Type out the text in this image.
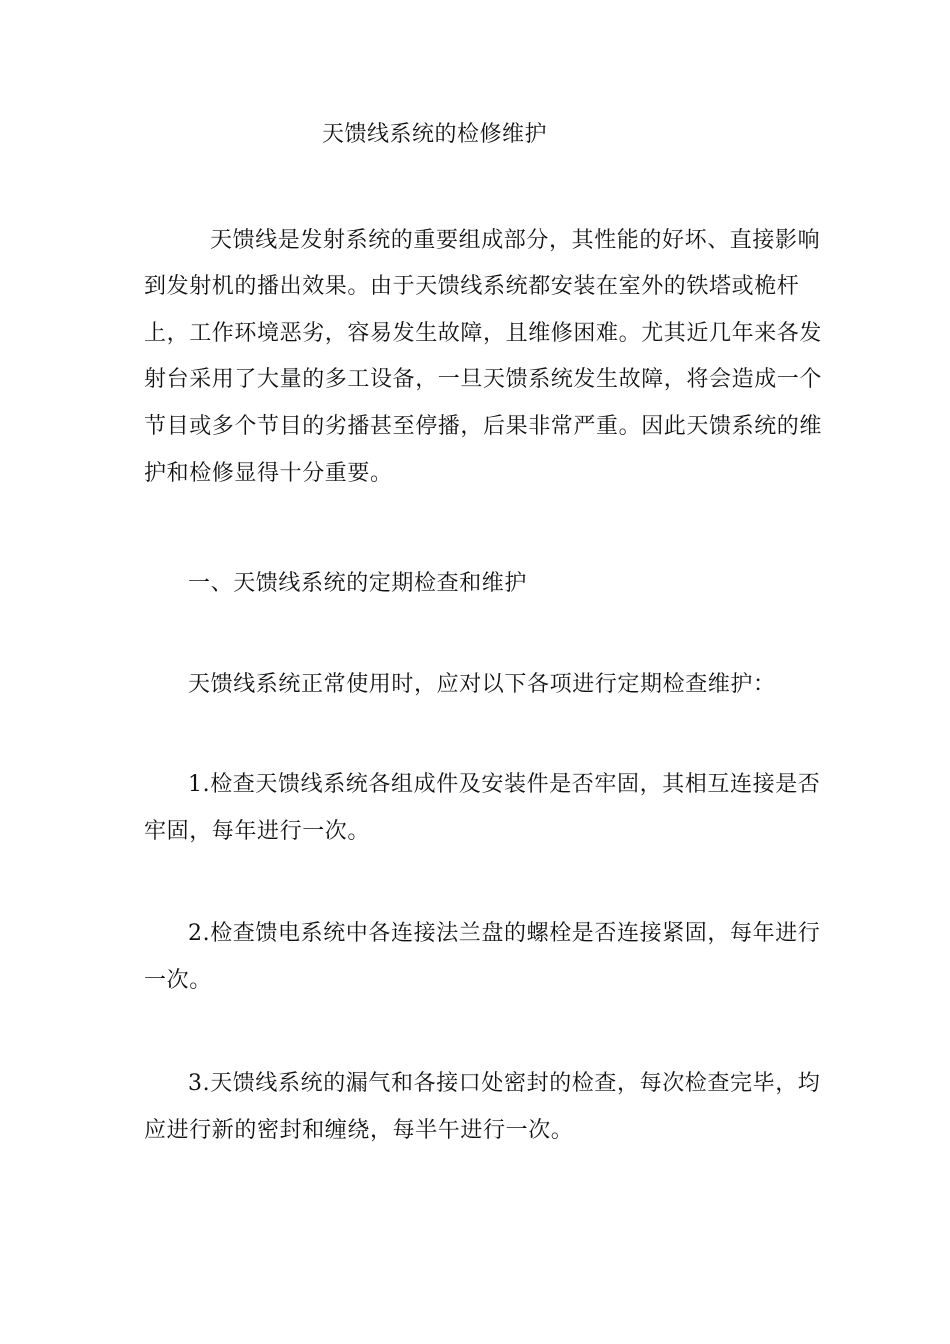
天馈线系统的检修维护
天馈线是发射系统的重要组成部分，其性能的好坏、直接影响
到发射机的播出效果。由于天馈线系统都安装在室外的铁塔或桅杆
上，工作环境恶劣，容易发生故障，且维修困难。尤其近几年来各发
射台采用了大量的多工设备，一旦天馈系统发生故障，将会造成一个
节目或多个节目的劣播甚至停播，后果非常严重。因此天馈系统的维
护和检修显得十分重要。
一、天馈线系统的定期检查和维护
天馈线系统正常使用时，应对以下各项进行定期检查维护：
1.检查天馈线系统各组成件及安装件是否牢固，其相互连接是否
牢固，每年进行一次。
2.检查馈电系统中各连接法兰盘的螺栓是否连接紧固，每年进行
一次。
3.天馈线系统的漏气和各接口处密封的检查，每次检查完毕，均
应进行新的密封和缠绕，每半午进行一次。
